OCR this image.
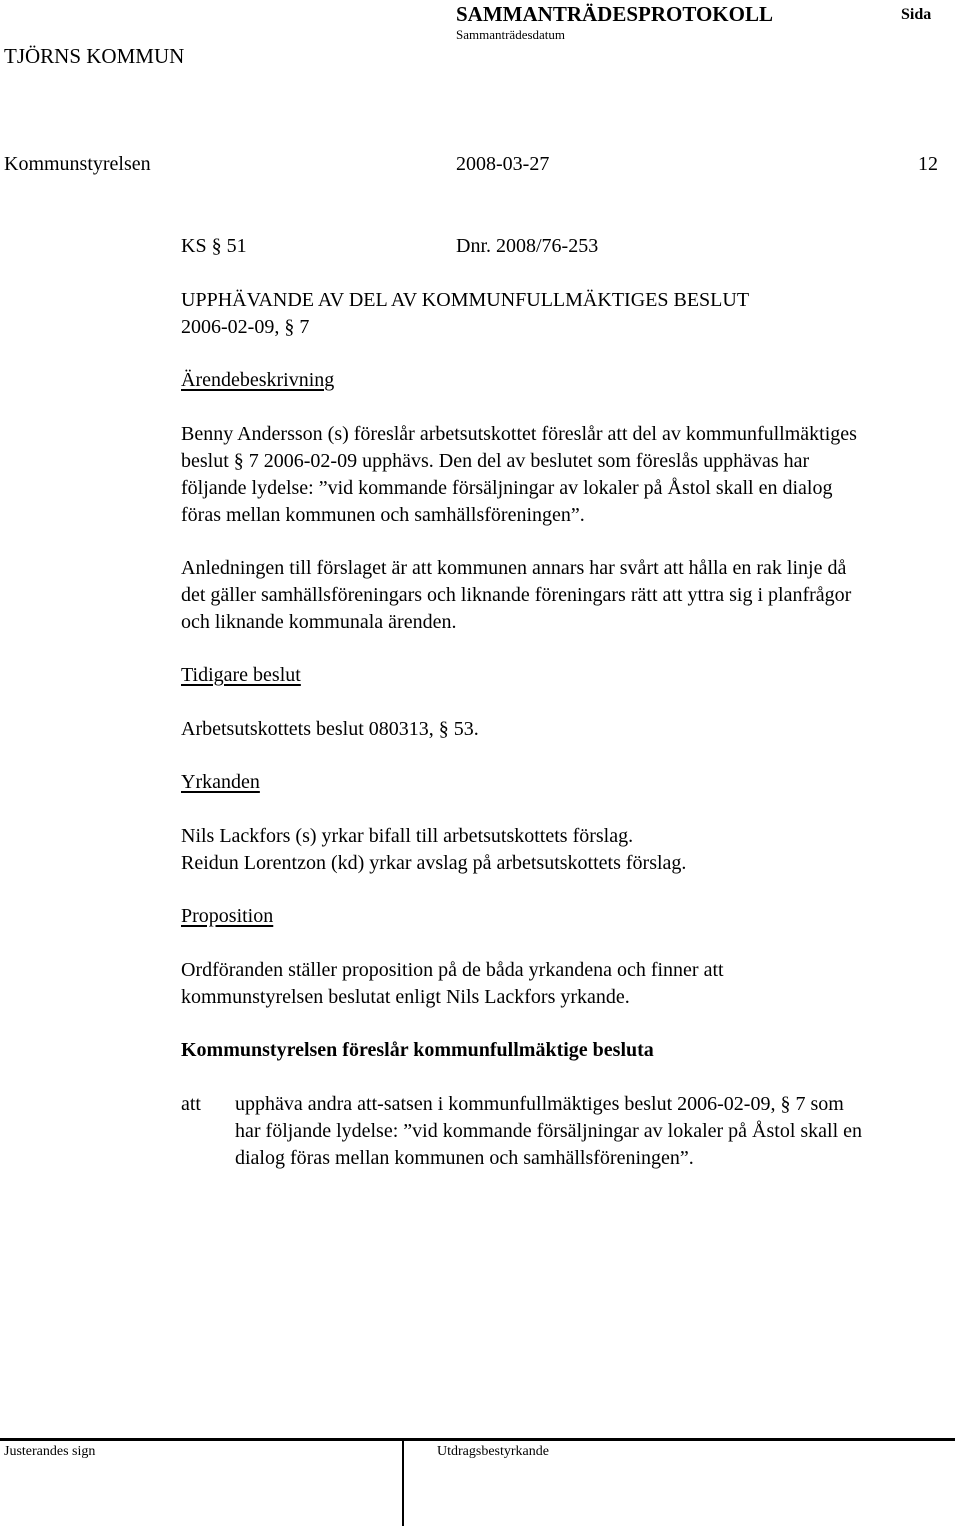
TJÖRNS KOMMUN
SAMMANTRÄDESPROTOKOLL
Sammanträdesdatum
Sida
Kommunstyrelsen	2008-03-27	12
KS § 51	Dnr. 2008/76-253
UPPHÄVANDE AV DEL AV KOMMUNFULLMÄKTIGES BESLUT
2006-02-09, § 7
Ärendebeskrivning
Benny Andersson (s) föreslår arbetsutskottet föreslår att del av kommunfullmäktiges
beslut § 7 2006-02-09 upphävs. Den del av beslutet som föreslås upphävas har
följande lydelse: ”vid kommande försäljningar av lokaler på Åstol skall en dialog
föras mellan kommunen och samhällsföreningen”.
Anledningen till förslaget är att kommunen annars har svårt att hålla en rak linje då
det gäller samhällsföreningars och liknande föreningars rätt att yttra sig i planfrågor
och liknande kommunala ärenden.
Tidigare beslut
Arbetsutskottets beslut 080313, § 53.
Yrkanden
Nils Lackfors (s) yrkar bifall till arbetsutskottets förslag.
Reidun Lorentzon (kd) yrkar avslag på arbetsutskottets förslag.
Proposition
Ordföranden ställer proposition på de båda yrkandena och finner att
kommunstyrelsen beslutat enligt Nils Lackfors yrkande.
Kommunstyrelsen föreslår kommunfullmäktige besluta
att upphäva andra att-satsen i kommunfullmäktiges beslut 2006-02-09, § 7 som
har följande lydelse: ”vid kommande försäljningar av lokaler på Åstol skall en
dialog föras mellan kommunen och samhällsföreningen”.
Justerandes sign	Utdragsbestyrkande
